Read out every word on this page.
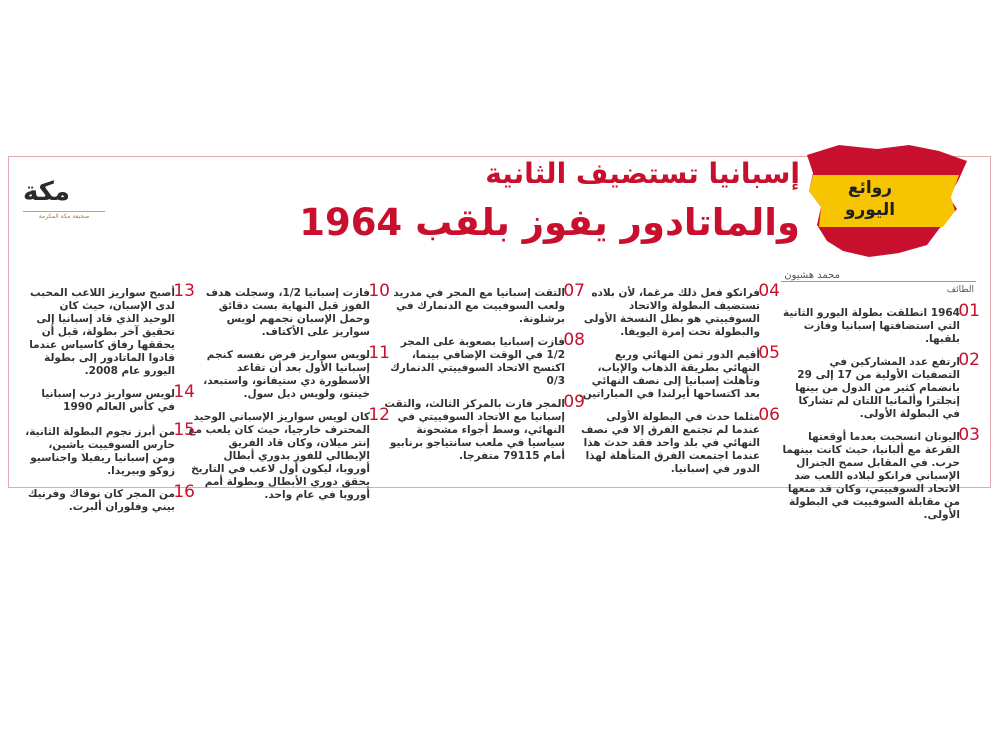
مكة
صحيفة مكة المكرمة
روائع
اليورو
إسبانيا تستضيف الثانية
والماتادور يفوز بلقب 1964
محمد هشيون
الطائف
01
1964 انطلقت بطولة اليورو الثانية التي استضافتها إسبانيا وفازت بلقبها.
02
ارتفع عدد المشاركين في التصفيات الأولية من 17 إلى 29 بانضمام كثير من الدول من بينها إنجلترا وألمانيا اللتان لم تشاركا في البطولة الأولى.
03
اليونان انسحبت بعدما أوقعتها القرعة مع ألبانيا، حيث كانت بينهما حرب. في المقابل سمح الجنرال الإسباني فرانكو لبلاده اللعب ضد الاتحاد السوفييتي، وكان قد منعها من مقابلة السوفييت في البطولة الأولى.
04
فرانكو فعل ذلك مرغما، لأن بلاده تستضيف البطولة والاتحاد السوفييتي هو بطل النسخة الأولى والبطولة تحت إمرة اليويفا.
05
أقيم الدور ثمن النهائي وربع النهائي بطريقة الذهاب والإياب، وتأهلت إسبانيا إلى نصف النهائي بعد اكتساحها أيرلندا في المباراتين.
06
مثلما حدث في البطولة الأولى عندما لم تجتمع الفرق إلا في نصف النهائي في بلد واحد فقد حدث هذا عندما اجتمعت الفرق المتأهلة لهذا الدور في إسبانيا.
07
التقت إسبانيا مع المجر في مدريد ولعب السوفييت مع الدنمارك في برشلونة.
08
فازت إسبانيا بصعوبة على المجر 1/2 في الوقت الإضافي بينما، اكتسح الاتحاد السوفييتي الدنمارك 0/3
09
المجر فازت بالمركز الثالث، والتقت إسبانيا مع الاتحاد السوفييتي في النهائي، وسط أجواء مشحونة سياسيا في ملعب سانتياجو برنابيو أمام 79115 متفرجا.
10
فازت إسبانيا 1/2، وسجلت هدف الفوز قبل النهاية بست دقائق وحمل الإسبان نجمهم لويس سواريز على الأكتاف.
11
لويس سواريز فرض نفسه كنجم إسبانيا الأول بعد أن تقاعد الأسطورة دي ستيفانو، واستبعد، خينتو، ولويس ديل سول.
12
كان لويس سواريز الإسباني الوحيد المحترف خارجيا، حيث كان يلعب مع إنتر ميلان، وكان قاد الفريق الإيطالي للفوز بدوري أبطال أوروبا، ليكون أول لاعب في التاريخ يحقق دوري الأبطال وبطولة أمم أوروبا في عام واحد.
13
أصبح سواريز اللاعب المحبب لدى الإسبان، حيث كان الوحيد الذي قاد إسبانيا إلى تحقيق آخر بطولة، قبل أن يحققها رفاق كاسياس عندما قادوا الماتادور إلى بطولة اليورو عام 2008.
14
لويس سواريز درب إسبانيا في كأس العالم 1990
15
من أبرز نجوم البطولة الثانية، حارس السوفييت ياشين، ومن إسبانيا ريفيلا واجناسيو زوكو وبيريدا.
16
من المجر كان نوفاك وفرنيك بيني وفلوران ألبرت.
